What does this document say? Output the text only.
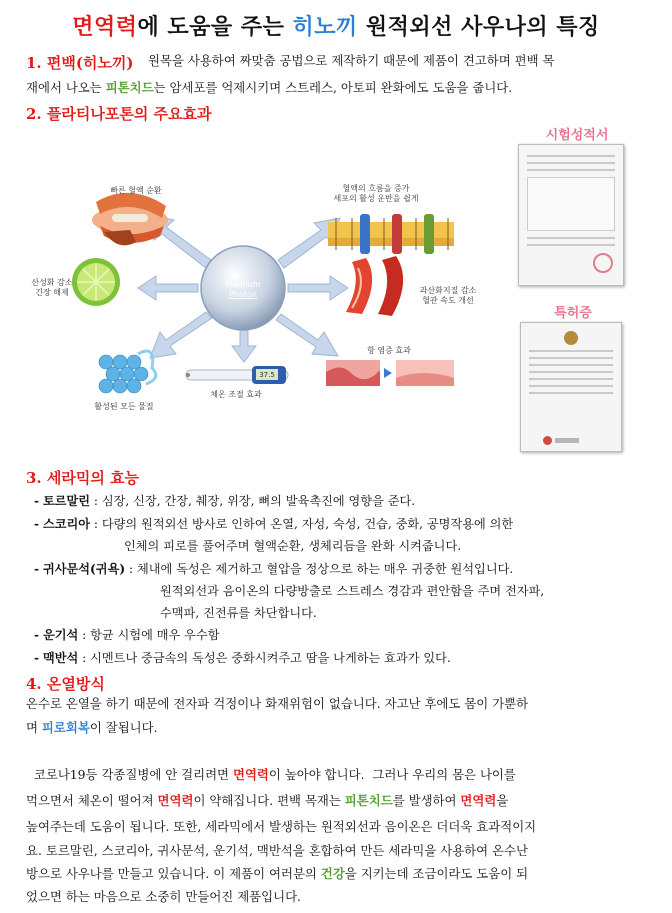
면역력에 도움을 주는 히노끼 원적외선 사우나의 특징
1. 편백(히노끼) 원목을 사용하여 짜맞춤 공법으로 제작하기 때문에 제품이 견고하며 편백 목
재에서 나오는 피톤치드는 암세포를 억제시키며 스트레스, 아토피 완화에도 도움을 줍니다.
2. 플라티나포톤의 주요효과
Platinum
Photon
빠른 혈액 순환	혈액의 흐름을 증가
세포의 활성 운반을 쉽게
산성화 감소
긴장 해제	과산화지질 감소
혈관 속도 개선
활성된 모든 물질
체온 조절 효과
항 염증 효과
37.5
시험성적서
특허증
3. 세라믹의 효능
- 토르말린 : 심장, 신장, 간장, 췌장, 위장, 뼈의 발육촉진에 영향을 준다.
- 스코리아 : 다량의 원적외선 방사로 인하여 온열, 자성, 숙성, 건습, 중화, 공명작용에 의한
인체의 피로를 풀어주며 혈액순환, 생체리듬을 완화 시켜줍니다.
- 귀사문석(귀욕) : 체내에 독성은 제거하고 혈압을 정상으로 하는 매우 귀중한 원석입니다.
원적외선과 음이온의 다량방출로 스트레스 경감과 편안함을 주며 전자파,
수맥파, 진전류를 차단합니다.
- 운기석 : 항균 시험에 매우 우수함
- 맥반석 : 시멘트나 중금속의 독성은 중화시켜주고 땀을 나게하는 효과가 있다.
4. 온열방식
온수로 온열을 하기 때문에 전자파 걱정이나 화재위험이 없습니다. 자고난 후에도 몸이 가뿐하
며 피로회복이 잘됩니다.
코로나19등 각종질병에 안 걸리려면 면역력이 높아야 합니다.  그러나 우리의 몸은 나이를
먹으면서 체온이 떨어져 면역력이 약해집니다. 편백 목재는 피톤치드를 발생하여 면역력을
높여주는데 도움이 됩니다. 또한, 세라믹에서 발생하는 원적외선과 음이온은 더더욱 효과적이지
요. 토르말린, 스코리아, 귀사문석, 운기석, 맥반석을 혼합하여 만든 세라믹을 사용하여 온수난
방으로 사우나를 만들고 있습니다. 이 제품이 여러분의 건강을 지키는데 조금이라도 도움이 되
었으면 하는 마음으로 소중히 만들어진 제품입니다.
